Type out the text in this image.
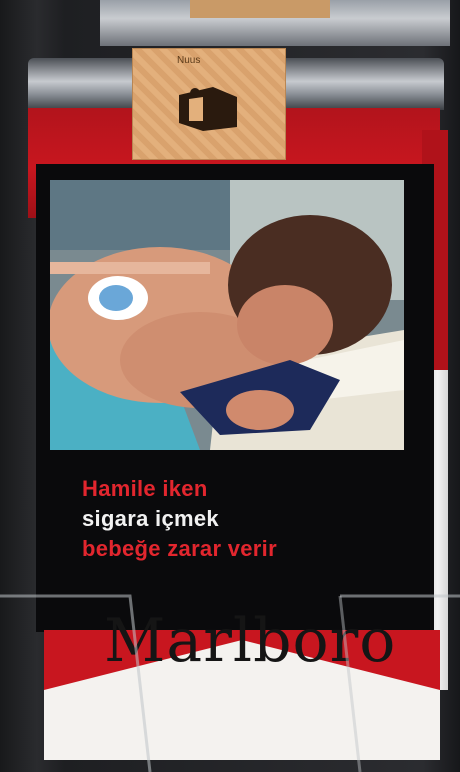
Nuus
Hamile iken
sigara içmek
bebeğe zarar verir
Marlboro
